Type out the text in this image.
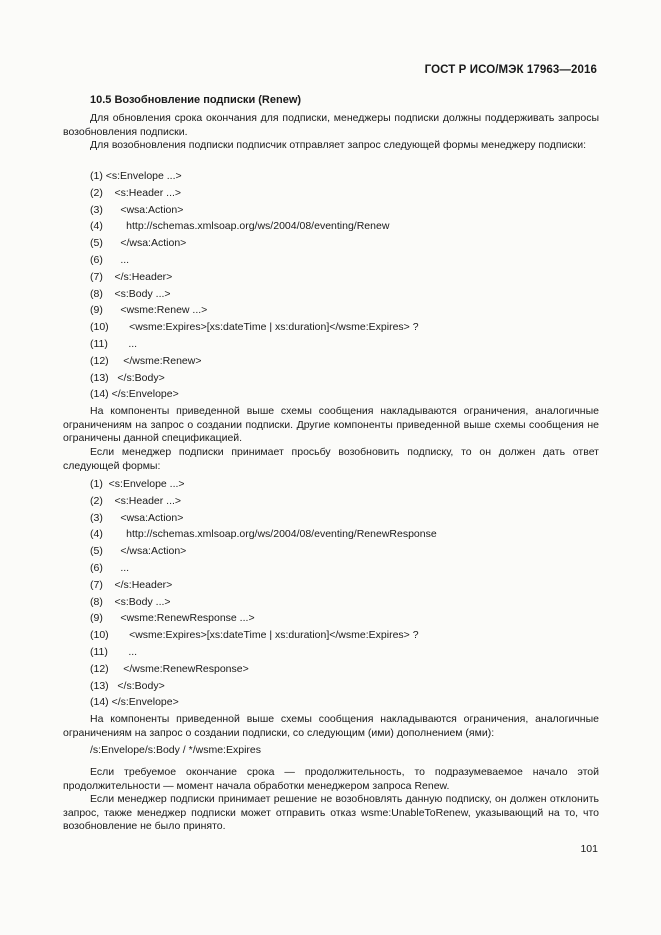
ГОСТ Р ИСО/МЭК 17963—2016
10.5 Возобновление подписки (Renew)

Для обновления срока окончания для подписки, менеджеры подписки должны поддерживать запросы возобновления подписки.

Для возобновления подписки подписчик отправляет запрос следующей формы менеджеру подписки:

(1) <s:Envelope ...>
(2)    <s:Header ...>
(3)      <wsa:Action>
(4)        http://schemas.xmlsoap.org/ws/2004/08/eventing/Renew
(5)      </wsa:Action>
(6)      ...
(7)    </s:Header>
(8)    <s:Body ...>
(9)      <wsme:Renew ...>
(10)       <wsme:Expires>[xs:dateTime | xs:duration]</wsme:Expires> ?
(11)       ...
(12)     </wsme:Renew>
(13)   </s:Body>
(14) </s:Envelope>

На компоненты приведенной выше схемы сообщения накладываются ограничения, аналогичные ограничениям на запрос о создании подписки. Другие компоненты приведенной выше схемы сообщения не ограничены данной спецификацией.

Если менеджер подписки принимает просьбу возобновить подписку, то он должен дать ответ следующей формы:

(1)  <s:Envelope ...>
(2)    <s:Header ...>
(3)      <wsa:Action>
(4)        http://schemas.xmlsoap.org/ws/2004/08/eventing/RenewResponse
(5)      </wsa:Action>
(6)      ...
(7)    </s:Header>
(8)    <s:Body ...>
(9)      <wsme:RenewResponse ...>
(10)       <wsme:Expires>[xs:dateTime | xs:duration]</wsme:Expires> ?
(11)       ...
(12)     </wsme:RenewResponse>
(13)   </s:Body>
(14) </s:Envelope>

На компоненты приведенной выше схемы сообщения накладываются ограничения, аналогичные ограничениям на запрос о создании подписки, со следующим (ими) дополнением (ями):

/s:Envelope/s:Body / */wsme:Expires

Если требуемое окончание срока — продолжительность, то подразумеваемое начало этой продолжительности — момент начала обработки менеджером запроса Renew.

Если менеджер подписки принимает решение не возобновлять данную подписку, он должен отклонить запрос, также менеджер подписки может отправить отказ wsme:UnableToRenew, указывающий на то, что возобновление не было принято.

101
